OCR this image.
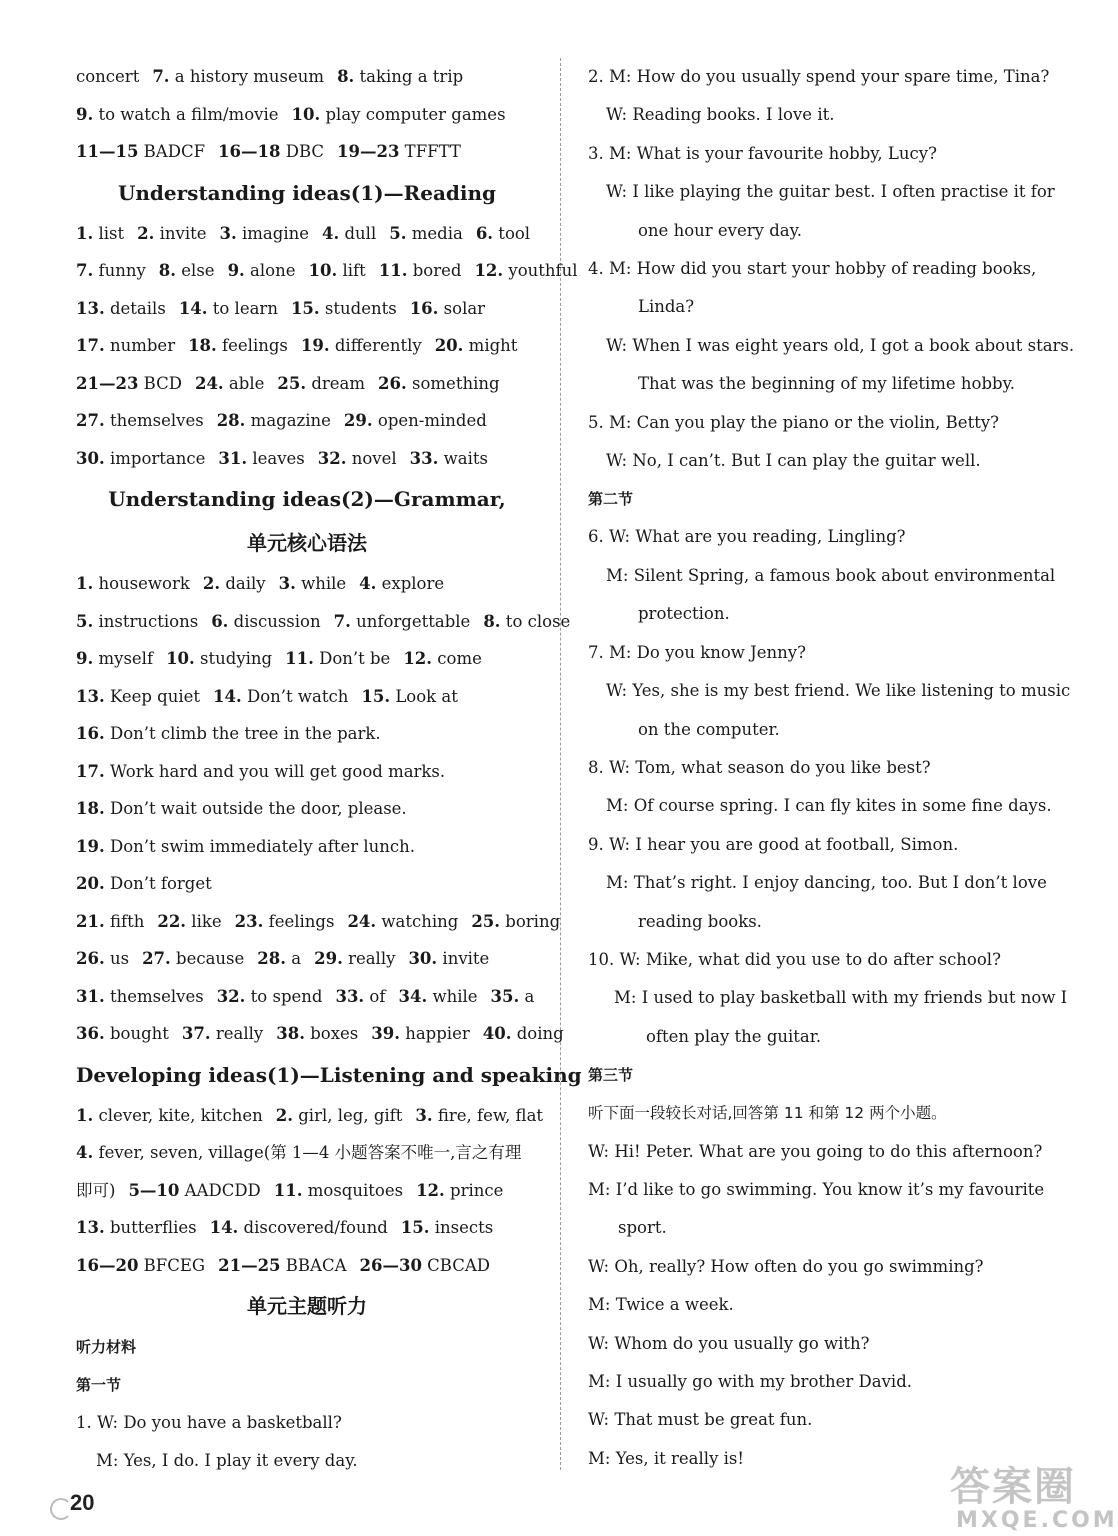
concert 7. a history museum 8. taking a trip
9. to watch a film/movie 10. play computer games
11—15 BADCF 16—18 DBC 19—23 TFFTT
Understanding ideas(1)—Reading
1. list 2. invite 3. imagine 4. dull 5. media 6. tool
7. funny 8. else 9. alone 10. lift 11. bored 12. youthful
13. details 14. to learn 15. students 16. solar
17. number 18. feelings 19. differently 20. might
21—23 BCD 24. able 25. dream 26. something
27. themselves 28. magazine 29. open-minded
30. importance 31. leaves 32. novel 33. waits
Understanding ideas(2)—Grammar,
单元核心语法
1. housework 2. daily 3. while 4. explore
5. instructions 6. discussion 7. unforgettable 8. to close
9. myself 10. studying 11. Don’t be 12. come
13. Keep quiet 14. Don’t watch 15. Look at
16. Don’t climb the tree in the park.
17. Work hard and you will get good marks.
18. Don’t wait outside the door, please.
19. Don’t swim immediately after lunch.
20. Don’t forget
21. fifth 22. like 23. feelings 24. watching 25. boring
26. us 27. because 28. a 29. really 30. invite
31. themselves 32. to spend 33. of 34. while 35. a
36. bought 37. really 38. boxes 39. happier 40. doing
Developing ideas(1)—Listening and speaking
1. clever, kite, kitchen 2. girl, leg, gift 3. fire, few, flat
4. fever, seven, village(第 1—4 小题答案不唯一,言之有理
即可) 5—10 AADCDD 11. mosquitoes 12. prince
13. butterflies 14. discovered/found 15. insects
16—20 BFCEG 21—25 BBACA 26—30 CBCAD
单元主题听力
听力材料
第一节
1. W: Do you have a basketball?
M: Yes, I do. I play it every day.
2. M: How do you usually spend your spare time, Tina?
W: Reading books. I love it.
3. M: What is your favourite hobby, Lucy?
W: I like playing the guitar best. I often practise it for
one hour every day.
4. M: How did you start your hobby of reading books,
Linda?
W: When I was eight years old, I got a book about stars.
That was the beginning of my lifetime hobby.
5. M: Can you play the piano or the violin, Betty?
W: No, I can’t. But I can play the guitar well.
第二节
6. W: What are you reading, Lingling?
M: Silent Spring, a famous book about environmental
protection.
7. M: Do you know Jenny?
W: Yes, she is my best friend. We like listening to music
on the computer.
8. W: Tom, what season do you like best?
M: Of course spring. I can fly kites in some fine days.
9. W: I hear you are good at football, Simon.
M: That’s right. I enjoy dancing, too. But I don’t love
reading books.
10. W: Mike, what did you use to do after school?
M: I used to play basketball with my friends but now I
often play the guitar.
第三节
听下面一段较长对话,回答第 11 和第 12 两个小题。
W: Hi! Peter. What are you going to do this afternoon?
M: I’d like to go swimming. You know it’s my favourite
sport.
W: Oh, really? How often do you go swimming?
M: Twice a week.
W: Whom do you usually go with?
M: I usually go with my brother David.
W: That must be great fun.
M: Yes, it really is!
20	答案圈
MXQE.COM
